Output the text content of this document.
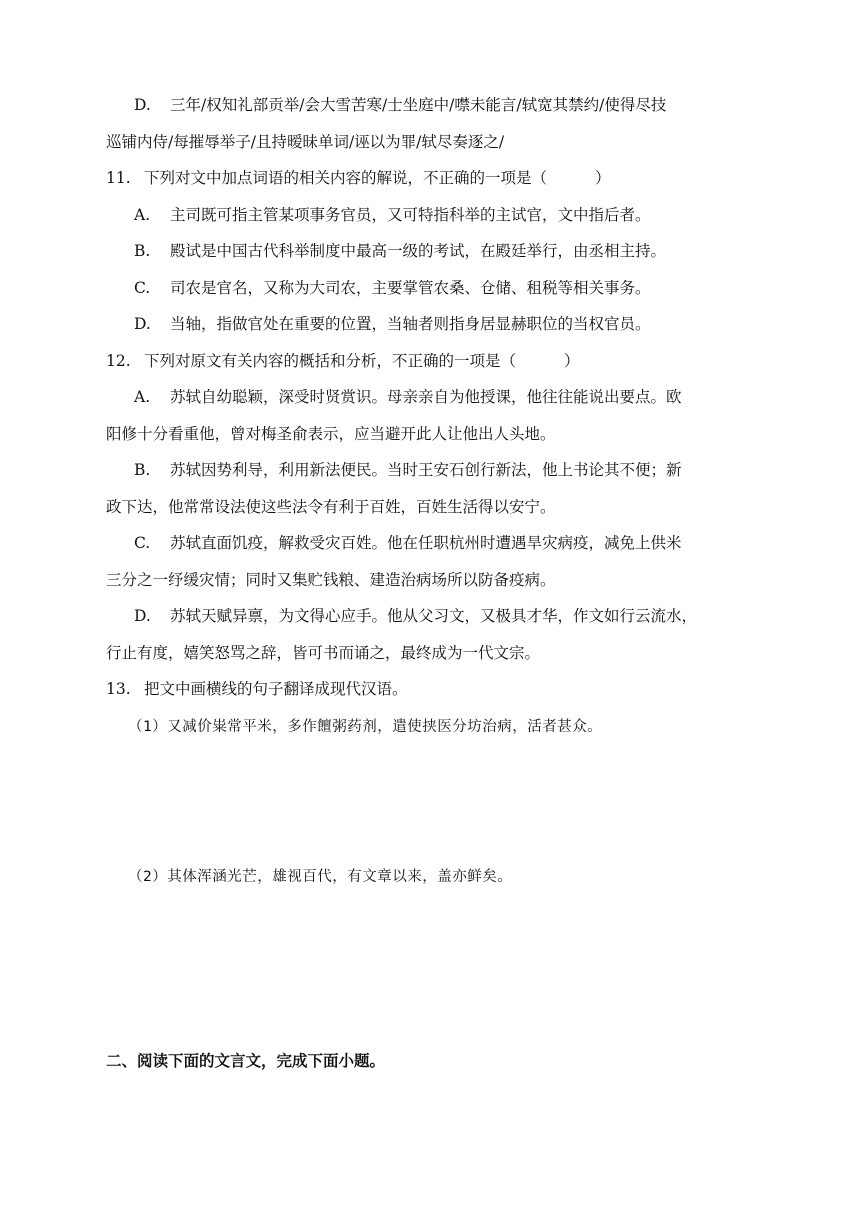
D. 三年/权知礼部贡举/会大雪苦寒/士坐庭中/噤未能言/轼宽其禁约/使得尽技
巡铺内侍/每摧辱举子/且持暧昧单词/诬以为罪/轼尽奏逐之/
11. 下列对文中加点词语的相关内容的解说，不正确的一项是（	）
A. 主司既可指主管某项事务官员，又可特指科举的主试官，文中指后者。
B. 殿试是中国古代科举制度中最高一级的考试，在殿廷举行，由丞相主持。
C. 司农是官名，又称为大司农，主要掌管农桑、仓储、租税等相关事务。
D. 当轴，指做官处在重要的位置，当轴者则指身居显赫职位的当权官员。
12. 下列对原文有关内容的概括和分析，不正确的一项是（	）
A. 苏轼自幼聪颖，深受时贤赏识。母亲亲自为他授课，他往往能说出要点。欧
阳修十分看重他，曾对梅圣俞表示，应当避开此人让他出人头地。
B. 苏轼因势利导，利用新法便民。当时王安石创行新法，他上书论其不便；新
政下达，他常常设法使这些法令有利于百姓，百姓生活得以安宁。
C. 苏轼直面饥疫，解救受灾百姓。他在任职杭州时遭遇旱灾病疫，减免上供米
三分之一纾缓灾情；同时又集贮钱粮、建造治病场所以防备疫病。
D. 苏轼天赋异禀，为文得心应手。他从父习文，又极具才华，作文如行云流水，
行止有度，嬉笑怒骂之辞，皆可书而诵之，最终成为一代文宗。
13. 把文中画横线的句子翻译成现代汉语。
（1）又减价粜常平米，多作饘粥药剂，遣使挟医分坊治病，活者甚众。
（2）其体浑涵光芒，雄视百代，有文章以来，盖亦鲜矣。
二、阅读下面的文言文，完成下面小题。
